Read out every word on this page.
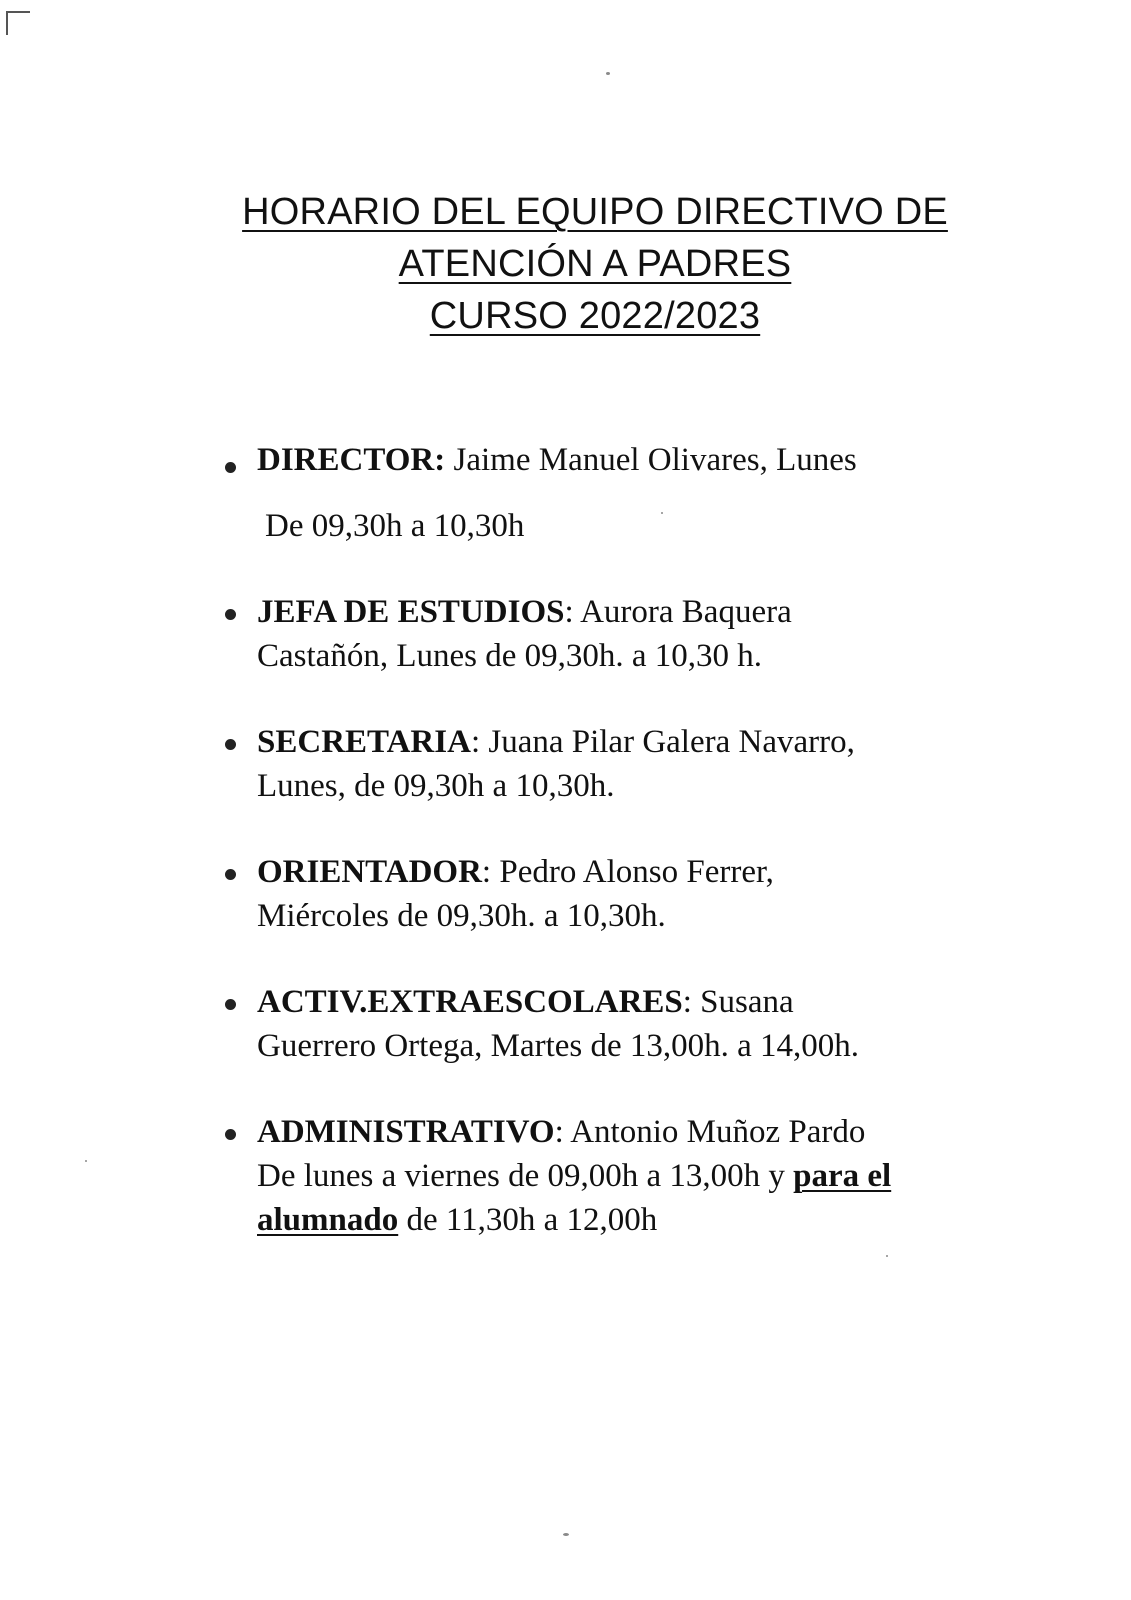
HORARIO DEL EQUIPO DIRECTIVO DE
ATENCIÓN A PADRES
CURSO 2022/2023
DIRECTOR: Jaime Manuel Olivares, Lunes
De 09,30h a 10,30h
JEFA DE ESTUDIOS: Aurora Baquera
Castañón, Lunes de 09,30h. a 10,30 h.
SECRETARIA: Juana Pilar Galera Navarro,
Lunes, de 09,30h a 10,30h.
ORIENTADOR: Pedro Alonso Ferrer,
Miércoles de 09,30h. a 10,30h.
ACTIV.EXTRAESCOLARES: Susana
Guerrero Ortega, Martes de 13,00h. a 14,00h.
ADMINISTRATIVO: Antonio Muñoz Pardo
De lunes a viernes de 09,00h a 13,00h y para el
alumnado de 11,30h a 12,00h
